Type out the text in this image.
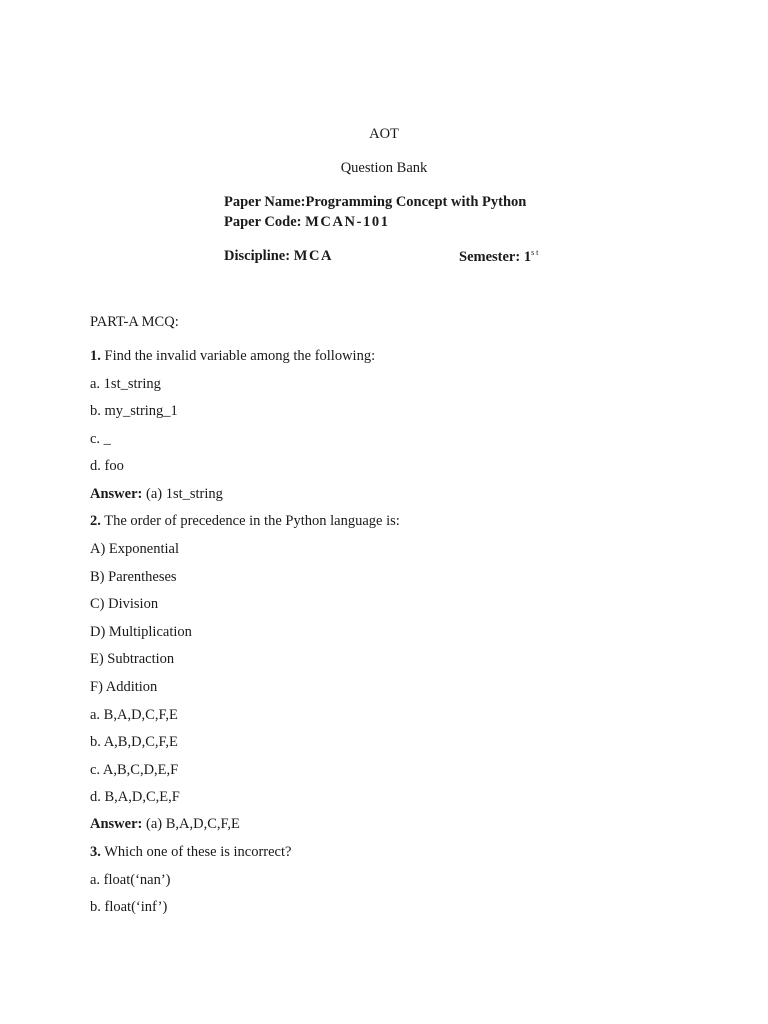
AOT
Question Bank
Paper Name:Programming Concept with Python
Paper Code: MCAN-101
Discipline: MCA	Semester: 1st
PART-A MCQ:
1. Find the invalid variable among the following:
a. 1st_string
b. my_string_1
c. _
d. foo
Answer: (a) 1st_string
2. The order of precedence in the Python language is:
A) Exponential
B) Parentheses
C) Division
D) Multiplication
E) Subtraction
F) Addition
a. B,A,D,C,F,E
b. A,B,D,C,F,E
c. A,B,C,D,E,F
d. B,A,D,C,E,F
Answer: (a) B,A,D,C,F,E
3. Which one of these is incorrect?
a. float(‘nan’)
b. float(‘inf’)
